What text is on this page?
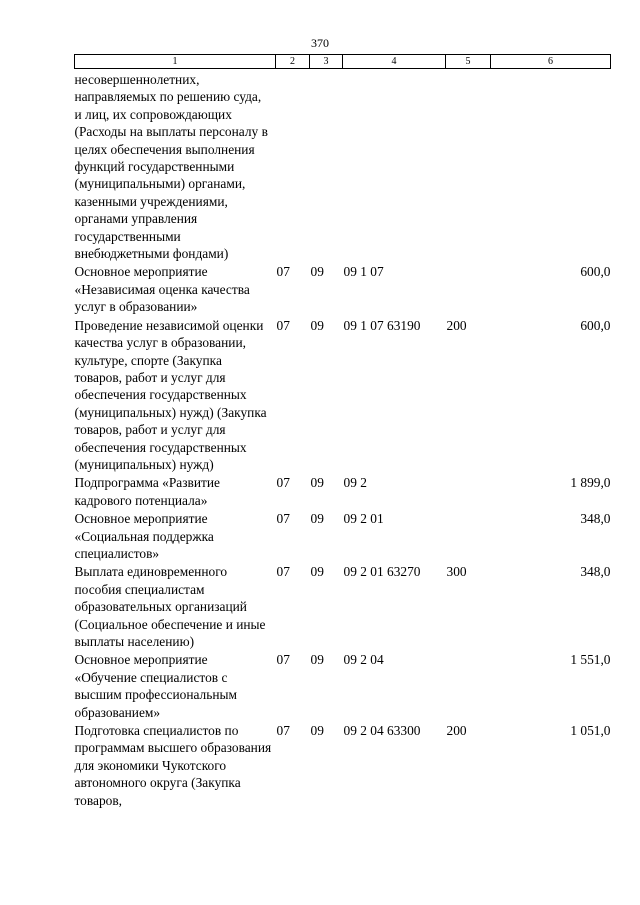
370
1	2	3	4	5	6
несовершеннолетних, направляемых по решению суда, и лиц, их сопровождающих (Расходы на выплаты персоналу в целях обеспечения выполнения функций государственными (муниципальными) органами, казенными учреждениями, органами управления государственными внебюджетными фондами)					
Основное мероприятие «Независимая оценка качества услуг в образовании»	07	09	09 1 07		600,0
Проведение независимой оценки качества услуг в образовании, культуре, спорте (Закупка товаров, работ и услуг для обеспечения государственных (муниципальных) нужд) (Закупка товаров, работ и услуг для обеспечения государственных (муниципальных) нужд)	07	09	09 1 07 63190	200	600,0
Подпрограмма «Развитие кадрового потенциала»	07	09	09 2		1 899,0
Основное мероприятие «Социальная поддержка специалистов»	07	09	09 2 01		348,0
Выплата единовременного пособия специалистам образовательных организаций (Социальное обеспечение и иные выплаты населению)	07	09	09 2 01 63270	300	348,0
Основное мероприятие «Обучение специалистов с высшим профессиональным образованием»	07	09	09 2 04		1 551,0
Подготовка специалистов по программам высшего образования для экономики Чукотского автономного округа (Закупка товаров,	07	09	09 2 04 63300	200	1 051,0
